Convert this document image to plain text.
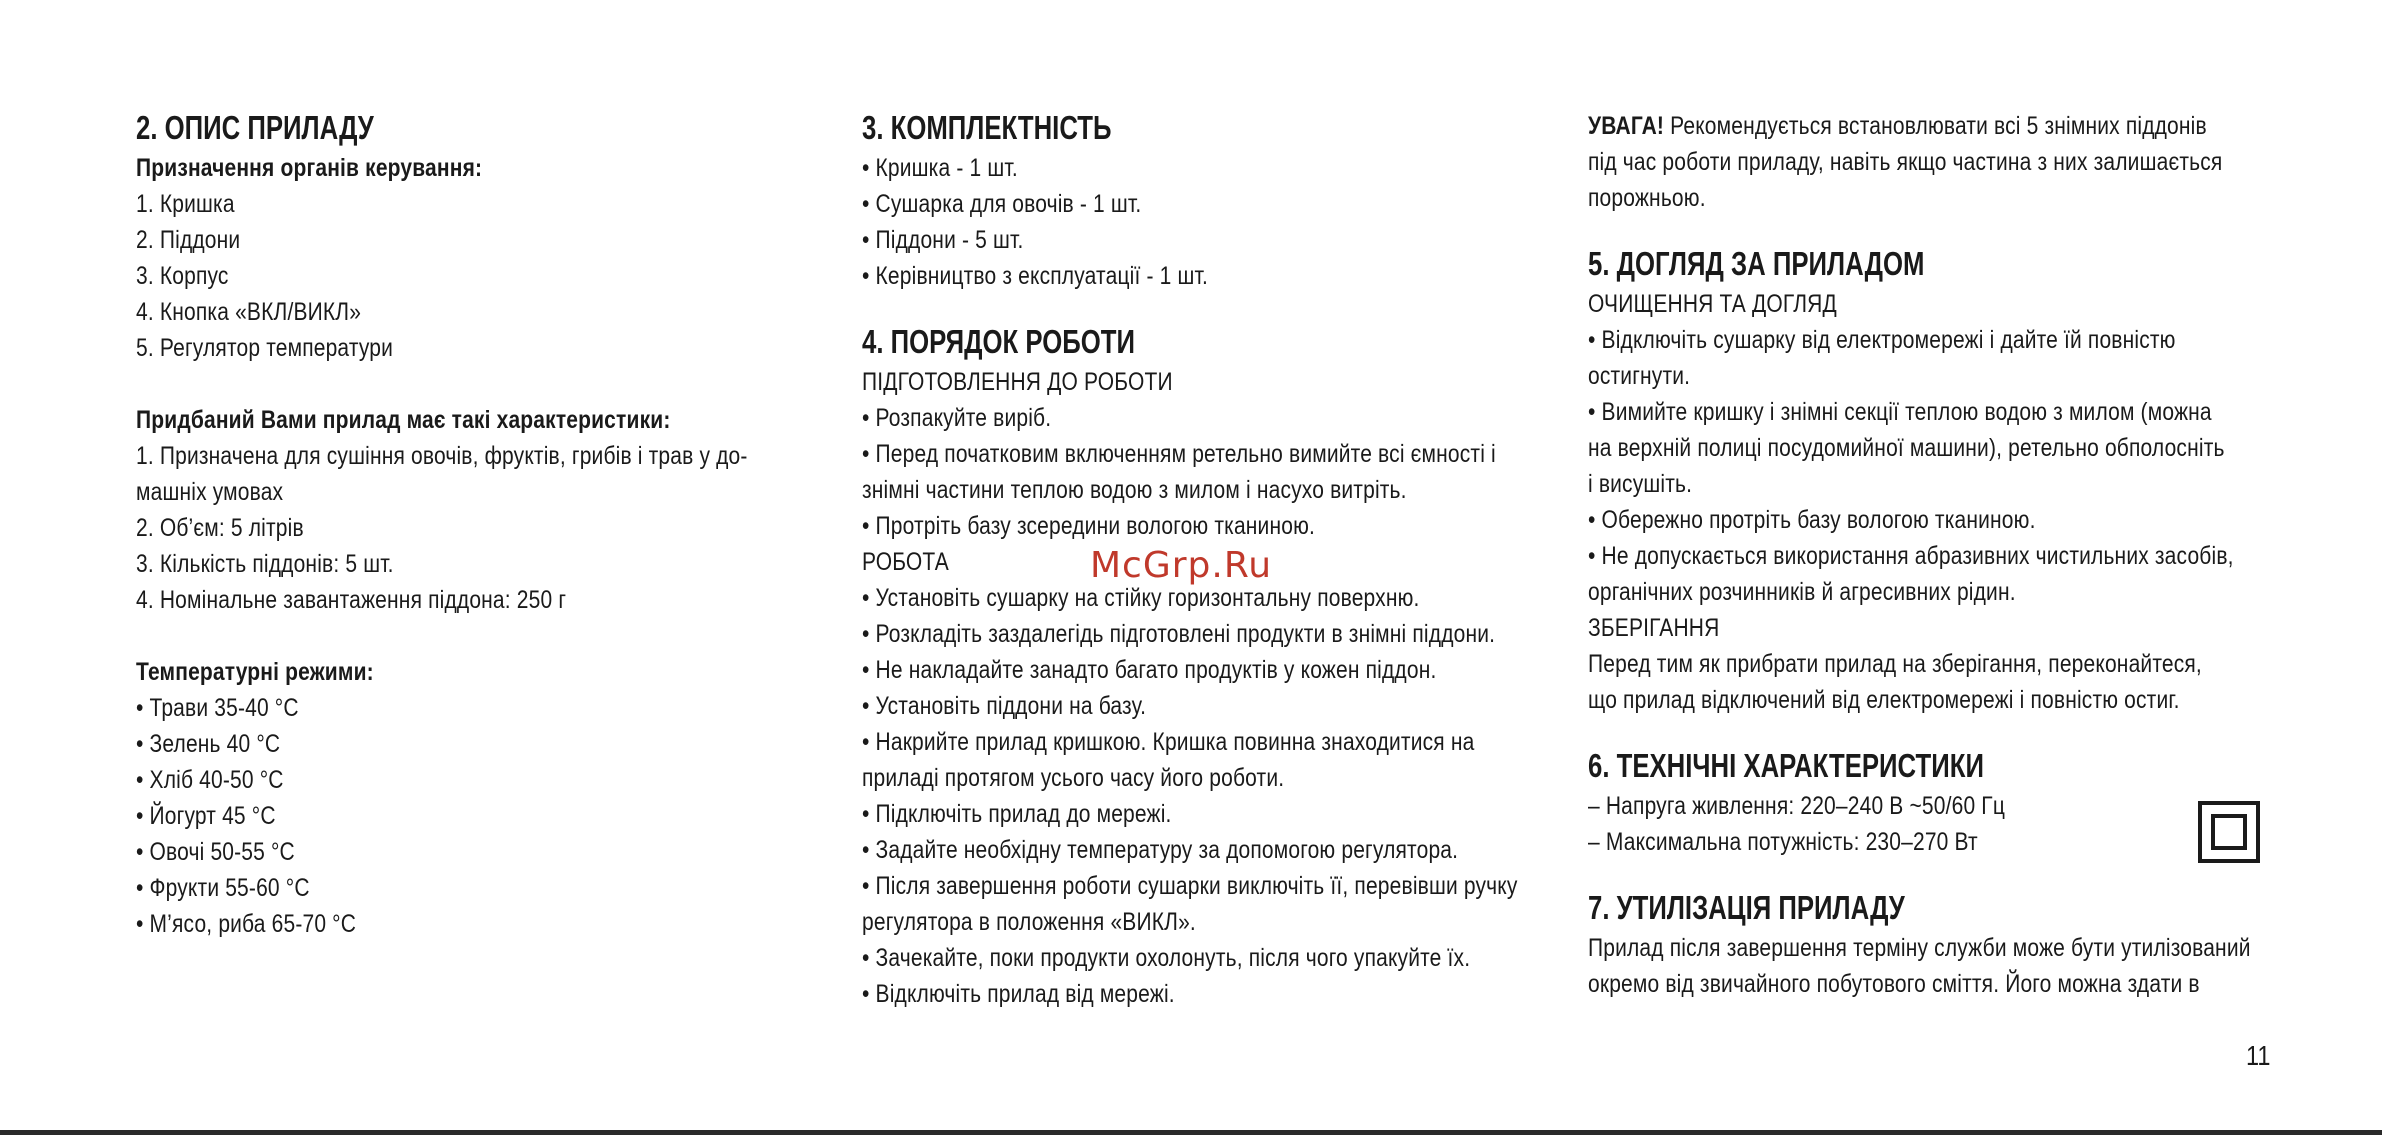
2. ОПИС ПРИЛАДУ
Призначення органів керування:
1. Кришка
2. Піддони
3. Корпус
4. Кнопка «ВКЛ/ВИКЛ»
5. Регулятор температури
Придбаний Вами прилад має такі характеристики:
1. Призначена для сушіння овочів, фруктів, грибів і трав у до-
машніх умовах
2. Об’єм: 5 літрів
3. Кількість піддонів: 5 шт.
4. Номінальне завантаження піддона: 250 г
Температурні режими:
• Трави 35-40 °C
• Зелень 40 °C
• Хліб 40-50 °C
• Йогурт 45 °C
• Овочі 50-55 °C
• Фрукти 55-60 °C
• М’ясо, риба 65-70 °C
3. КОМПЛЕКТНІСТЬ
• Кришка - 1 шт.
• Сушарка для овочів - 1 шт.
• Піддони - 5 шт.
• Керівництво з експлуатації - 1 шт.
4. ПОРЯДОК РОБОТИ
ПІДГОТОВЛЕННЯ ДО РОБОТИ
• Розпакуйте виріб.
• Перед початковим включенням ретельно вимийте всі ємності і
знімні частини теплою водою з милом і насухо витріть.
• Протріть базу зсередини вологою тканиною.
РОБОТА
• Установіть сушарку на стійку горизонтальну поверхню.
• Розкладіть заздалегідь підготовлені продукти в знімні піддони.
• Не накладайте занадто багато продуктів у кожен піддон.
• Установіть піддони на базу.
• Накрийте прилад кришкою. Кришка повинна знаходитися на
приладі протягом усього часу його роботи.
• Підключіть прилад до мережі.
• Задайте необхідну температуру за допомогою регулятора.
• Після завершення роботи сушарки виключіть її, перевівши ручку
регулятора в положення «ВИКЛ».
• Зачекайте, поки продукти охолонуть, після чого упакуйте їх.
• Відключіть прилад від мережі.
УВАГА! Рекомендується встановлювати всі 5 знімних піддонів
під час роботи приладу, навіть якщо частина з них залишається
порожньою.
5. ДОГЛЯД ЗА ПРИЛАДОМ
ОЧИЩЕННЯ ТА ДОГЛЯД
• Відключіть сушарку від електромережі і дайте їй повністю
остигнути.
• Вимийте кришку і знімні секції теплою водою з милом (можна
на верхній полиці посудомийної машини), ретельно обполосніть
і висушіть.
• Обережно протріть базу вологою тканиною.
• Не допускається використання абразивних чистильних засобів,
органічних розчинників й агресивних рідин.
ЗБЕРІГАННЯ
Перед тим як прибрати прилад на зберігання, переконайтеся,
що прилад відключений від електромережі і повністю остиг.
6. ТЕХНІЧНІ ХАРАКТЕРИСТИКИ
– Напруга живлення: 220–240 В ~50/60 Гц
– Максимальна потужність: 230–270 Вт
7. УТИЛІЗАЦІЯ ПРИЛАДУ
Прилад після завершення терміну служби може бути утилізований
окремо від звичайного побутового сміття. Його можна здати в
McGrp.Ru
11
